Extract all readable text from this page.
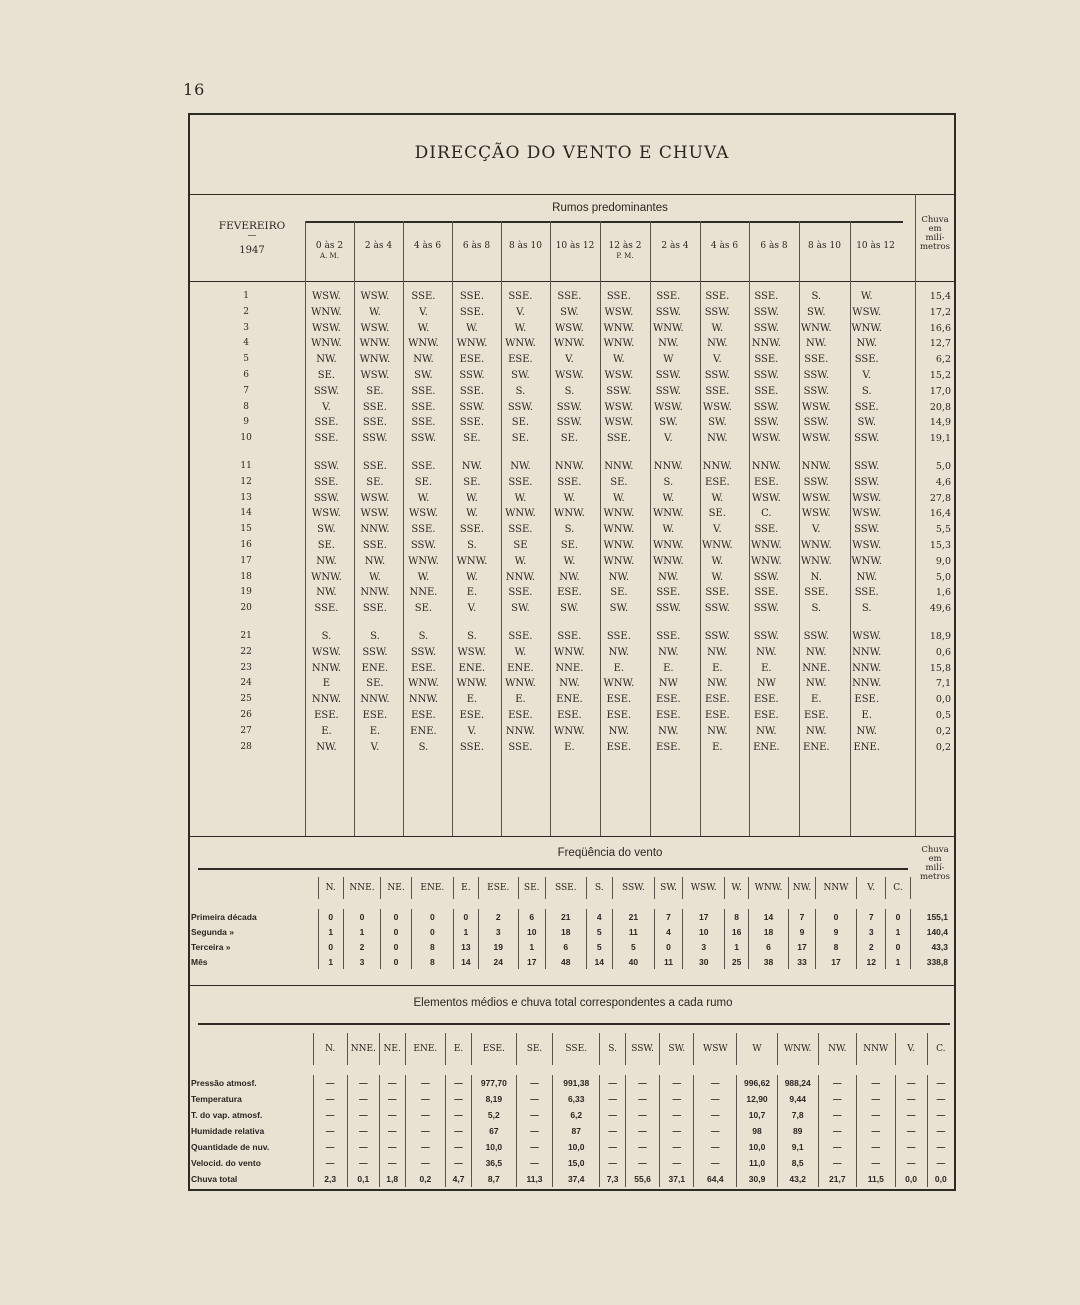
16
DIRECÇÃO DO VENTO E CHUVA
FEVEREIRO
—
1947
Rumos predominantes
Chuva
em
milí-
metros
0 às 2
A. M.
2 às 4	4 às 6	6 às 8	8 às 10	10 às 12	12 às 2
P. M.
2 às 4	4 às 6	6 às 8	8 às 10	10 às 12
1	WSW.	WSW.	SSE.	SSE.	SSE.	SSE.	SSE.	SSE.	SSE.	SSE.	S.	W.	15,4
2	WNW.	W.	V.	SSE.	V.	SW.	WSW.	SSW.	SSW.	SSW.	SW.	WSW.	17,2
3	WSW.	WSW.	W.	W.	W.	WSW.	WNW.	WNW.	W.	SSW.	WNW.	WNW.	16,6
4	WNW.	WNW.	WNW.	WNW.	WNW.	WNW.	WNW.	NW.	NW.	NNW.	NW.	NW.	12,7
5	NW.	WNW.	NW.	ESE.	ESE.	V.	W.	W	V.	SSE.	SSE.	SSE.	6,2
6	SE.	WSW.	SW.	SSW.	SW.	WSW.	WSW.	SSW.	SSW.	SSW.	SSW.	V.	15,2
7	SSW.	SE.	SSE.	SSE.	S.	S.	SSW.	SSW.	SSE.	SSE.	SSW.	S.	17,0
8	V.	SSE.	SSE.	SSW.	SSW.	SSW.	WSW.	WSW.	WSW.	SSW.	WSW.	SSE.	20,8
9	SSE.	SSE.	SSE.	SSE.	SE.	SSW.	WSW.	SW.	SW.	SSW.	SSW.	SW.	14,9
10	SSE.	SSW.	SSW.	SE.	SE.	SE.	SSE.	V.	NW.	WSW.	WSW.	SSW.	19,1

11	SSW.	SSE.	SSE.	NW.	NW.	NNW.	NNW.	NNW.	NNW.	NNW.	NNW.	SSW.	5,0
12	SSE.	SE.	SE.	SE.	SSE.	SSE.	SE.	S.	ESE.	ESE.	SSW.	SSW.	4,6
13	SSW.	WSW.	W.	W.	W.	W.	W.	W.	W.	WSW.	WSW.	WSW.	27,8
14	WSW.	WSW.	WSW.	W.	WNW.	WNW.	WNW.	WNW.	SE.	C.	WSW.	WSW.	16,4
15	SW.	NNW.	SSE.	SSE.	SSE.	S.	WNW.	W.	V.	SSE.	V.	SSW.	5,5
16	SE.	SSE.	SSW.	S.	SE	SE.	WNW.	WNW.	WNW.	WNW.	WNW.	WSW.	15,3
17	NW.	NW.	WNW.	WNW.	W.	W.	WNW.	WNW.	W.	WNW.	WNW.	WNW.	9,0
18	WNW.	W.	W.	W.	NNW.	NW.	NW.	NW.	W.	SSW.	N.	NW.	5,0
19	NW.	NNW.	NNE.	E.	SSE.	ESE.	SE.	SSE.	SSE.	SSE.	SSE.	SSE.	1,6
20	SSE.	SSE.	SE.	V.	SW.	SW.	SW.	SSW.	SSW.	SSW.	S.	S.	49,6

21	S.	S.	S.	S.	SSE.	SSE.	SSE.	SSE.	SSW.	SSW.	SSW.	WSW.	18,9
22	WSW.	SSW.	SSW.	WSW.	W.	WNW.	NW.	NW.	NW.	NW.	NW.	NNW.	0,6
23	NNW.	ENE.	ESE.	ENE.	ENE.	NNE.	E.	E.	E.	E.	NNE.	NNW.	15,8
24	E	SE.	WNW.	WNW.	WNW.	NW.	WNW.	NW	NW.	NW	NW.	NNW.	7,1
25	NNW.	NNW.	NNW.	E.	E.	ENE.	ESE.	ESE.	ESE.	ESE.	E.	ESE.	0,0
26	ESE.	ESE.	ESE.	ESE.	ESE.	ESE.	ESE.	ESE.	ESE.	ESE.	ESE.	E.	0,5
27	E.	E.	ENE.	V.	NNW.	WNW.	NW.	NW.	NW.	NW.	NW.	NW.	0,2
28	NW.	V.	S.	SSE.	SSE.	E.	ESE.	ESE.	E.	ENE.	ENE.	ENE.	0,2
Freqüência do vento	Chuva
em
milí-
metros
	N.	NNE.	NE.	ENE.	E.	ESE.	SE.	SSE.	S.	SSW.	SW.	WSW.	W.	WNW.	NW.	NNW	V.	C.	

Primeira década	0	0	0	0	0	2	6	21	4	21	7	17	8	14	7	0	7	0	155,1
Segunda »	1	1	0	0	1	3	10	18	5	11	4	10	16	18	9	9	3	1	140,4
Terceira »	0	2	0	8	13	19	1	6	5	5	0	3	1	6	17	8	2	0	43,3
Mês	1	3	0	8	14	24	17	48	14	40	11	30	25	38	33	17	12	1	338,8
Elementos médios e chuva total correspondentes a cada rumo
	N.	NNE.	NE.	ENE.	E.	ESE.	SE.	SSE.	S.	SSW.	SW.	WSW	W	WNW.	NW.	NNW	V.	C.

Pressão atmosf.	—	—	—	—	—	977,70	—	991,38	—	—	—	—	996,62	988,24	—	—	—	—
Temperatura	—	—	—	—	—	8,19	—	6,33	—	—	—	—	12,90	9,44	—	—	—	—
T. do vap. atmosf.	—	—	—	—	—	5,2	—	6,2	—	—	—	—	10,7	7,8	—	—	—	—
Humidade relativa	—	—	—	—	—	67	—	87	—	—	—	—	98	89	—	—	—	—
Quantidade de nuv.	—	—	—	—	—	10,0	—	10,0	—	—	—	—	10,0	9,1	—	—	—	—
Velocid. do vento	—	—	—	—	—	36,5	—	15,0	—	—	—	—	11,0	8,5	—	—	—	—
Chuva total	2,3	0,1	1,8	0,2	4,7	8,7	11,3	37,4	7,3	55,6	37,1	64,4	30,9	43,2	21,7	11,5	0,0	0,0
